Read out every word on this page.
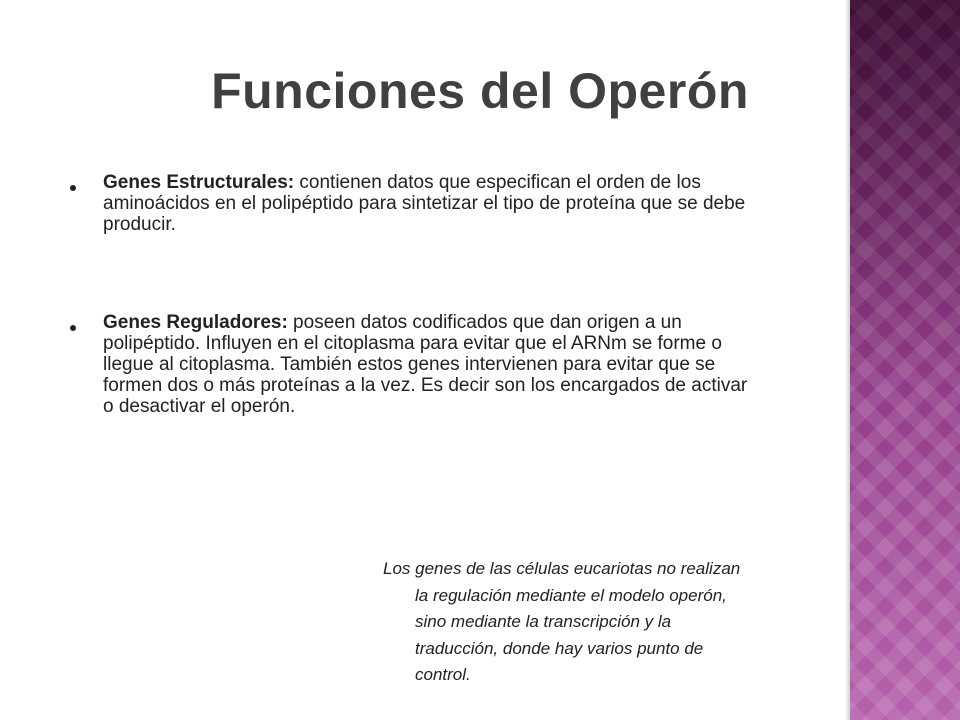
Funciones del Operón
Genes Estructurales: contienen datos que especifican el orden de los aminoácidos en el polipéptido para sintetizar el tipo de proteína que se debe producir.
Genes Reguladores: poseen datos codificados que dan origen a un polipéptido. Influyen en el citoplasma para evitar que el ARNm se forme o llegue al citoplasma. También estos genes intervienen para evitar que se formen dos o más proteínas a la vez. Es decir son los encargados de activar o desactivar el operón.
Los genes de las células eucariotas no realizan
la regulación mediante el modelo operón,
sino mediante la transcripción y la
traducción, donde hay varios punto de
control.
